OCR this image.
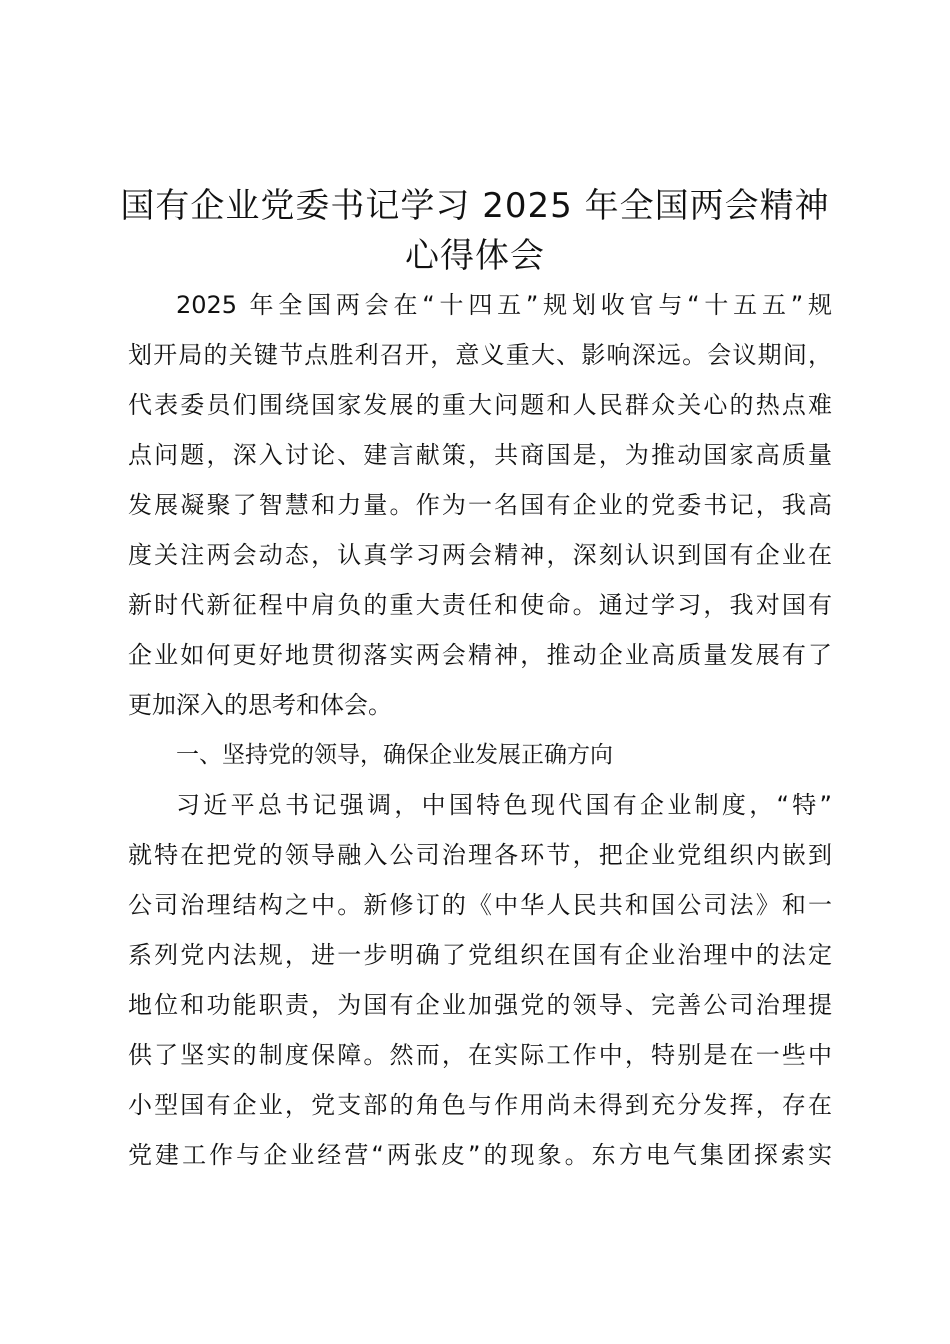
国有企业党委书记学习 2025 年全国两会精神
心得体会
2025 年全国两会在“十四五”规划收官与“十五五”规
划开局的关键节点胜利召开，意义重大、影响深远。会议期间，
代表委员们围绕国家发展的重大问题和人民群众关心的热点难
点问题，深入讨论、建言献策，共商国是，为推动国家高质量
发展凝聚了智慧和力量。作为一名国有企业的党委书记，我高
度关注两会动态，认真学习两会精神，深刻认识到国有企业在
新时代新征程中肩负的重大责任和使命。通过学习，我对国有
企业如何更好地贯彻落实两会精神，推动企业高质量发展有了
更加深入的思考和体会。
一、坚持党的领导，确保企业发展正确方向
习近平总书记强调，中国特色现代国有企业制度，“特”
就特在把党的领导融入公司治理各环节，把企业党组织内嵌到
公司治理结构之中。新修订的《中华人民共和国公司法》和一
系列党内法规，进一步明确了党组织在国有企业治理中的法定
地位和功能职责，为国有企业加强党的领导、完善公司治理提
供了坚实的制度保障。然而，在实际工作中，特别是在一些中
小型国有企业，党支部的角色与作用尚未得到充分发挥，存在
党建工作与企业经营“两张皮”的现象。东方电气集团探索实
